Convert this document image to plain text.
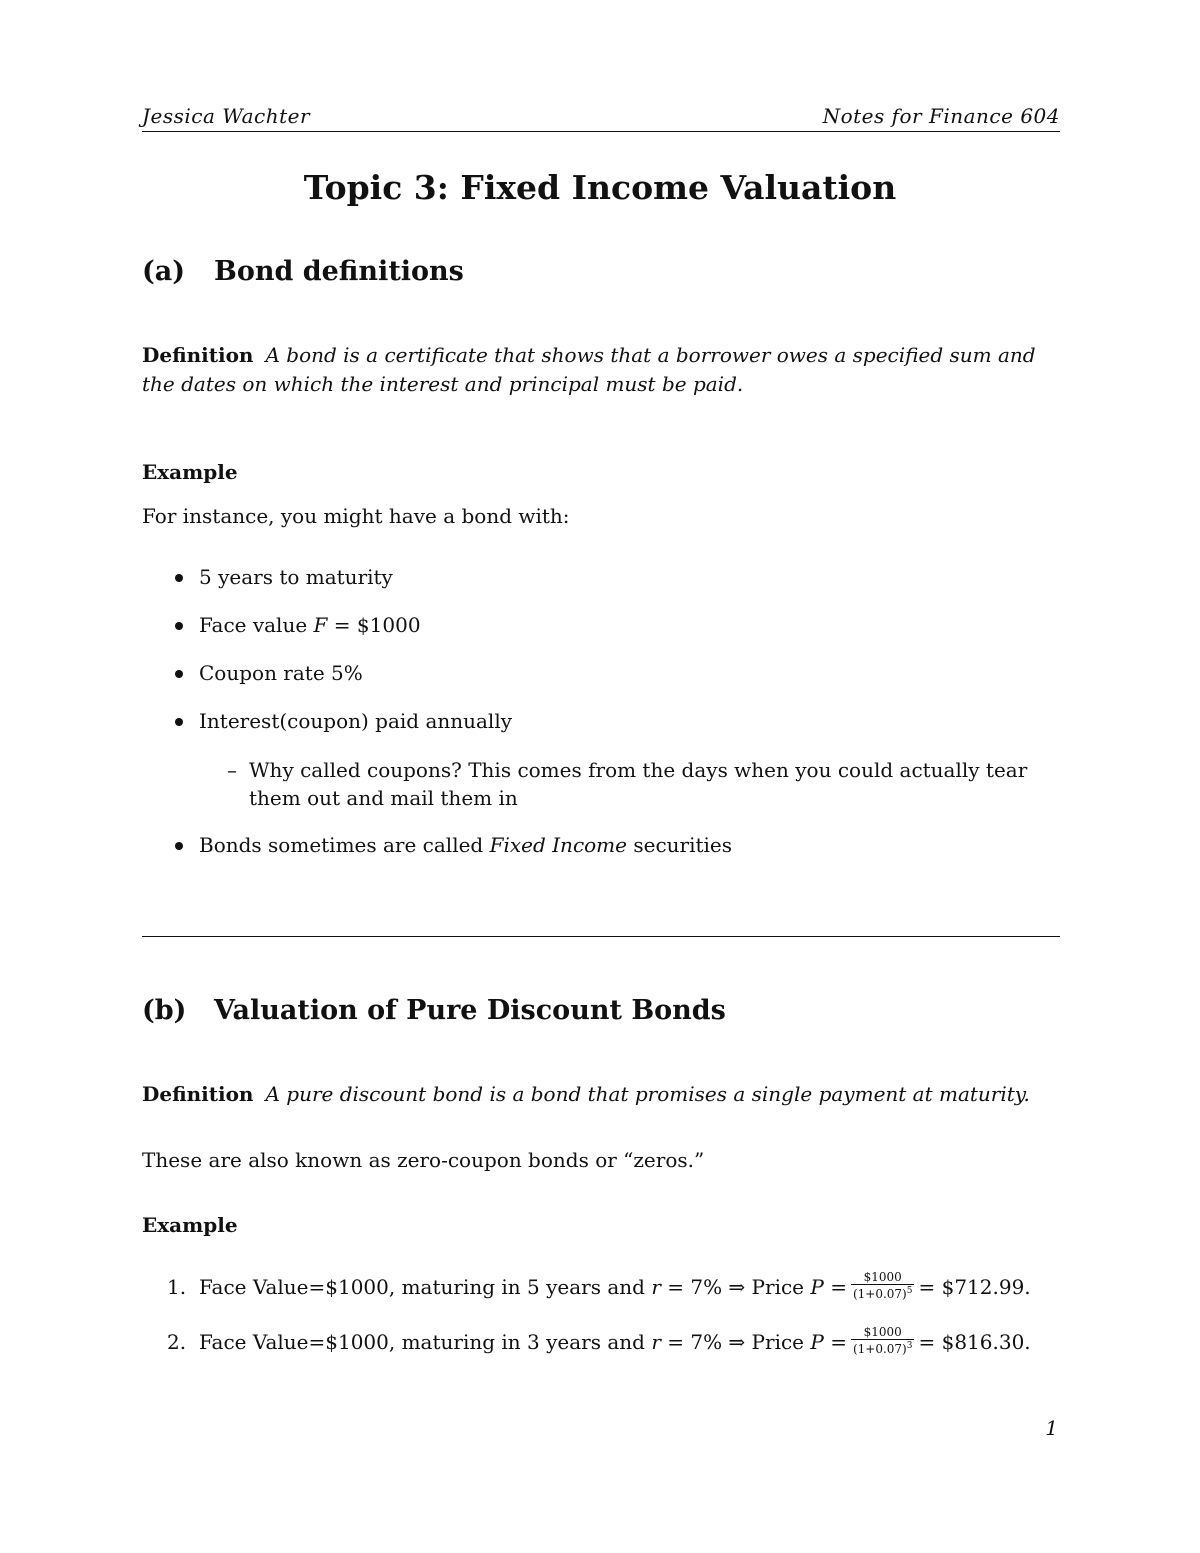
Jessica Wachter	Notes for Finance 604
Topic 3: Fixed Income Valuation
(a) Bond definitions
Definition A bond is a certificate that shows that a borrower owes a specified sum and the dates on which the interest and principal must be paid.
Example
For instance, you might have a bond with:
5 years to maturity
Face value F = $1000
Coupon rate 5%
Interest(coupon) paid annually
– Why called coupons? This comes from the days when you could actually tear them out and mail them in
Bonds sometimes are called Fixed Income securities
(b) Valuation of Pure Discount Bonds
Definition A pure discount bond is a bond that promises a single payment at maturity.
These are also known as zero-coupon bonds or “zeros.”
Example
1. Face Value=$1000, maturing in 5 years and r = 7% ⇒ Price $P = \frac{\$1000}{(1+0.07)^5}$ = $712.99.
2. Face Value=$1000, maturing in 3 years and r = 7% ⇒ Price $P = \frac{\$1000}{(1+0.07)^3}$ = $816.30.
1
